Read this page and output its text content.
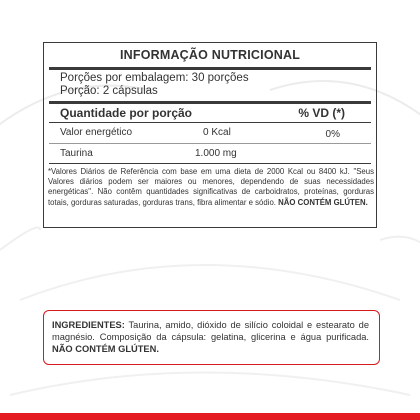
INFORMAÇÃO NUTRICIONAL
Porções por embalagem: 30 porções
Porção: 2 cápsulas
Quantidade por porção	% VD (*)
Valor energético	0 Kcal	0%
Taurina	1.000 mg
*Valores Diários de Referência com base em uma dieta de 2000 Kcal ou 8400 kJ. "Seus Valores diários podem ser maiores ou menores, dependendo de suas necessidades energéticas". Não contêm quantidades significativas de carboidratos, proteínas, gorduras totais, gorduras saturadas, gorduras trans, fibra alimentar e sódio. NÃO CONTÉM GLÚTEN.
INGREDIENTES: Taurina, amido, dióxido de silício coloidal e estearato de magnésio. Composição da cápsula: gelatina, glicerina e água purificada. NÃO CONTÉM GLÚTEN.
